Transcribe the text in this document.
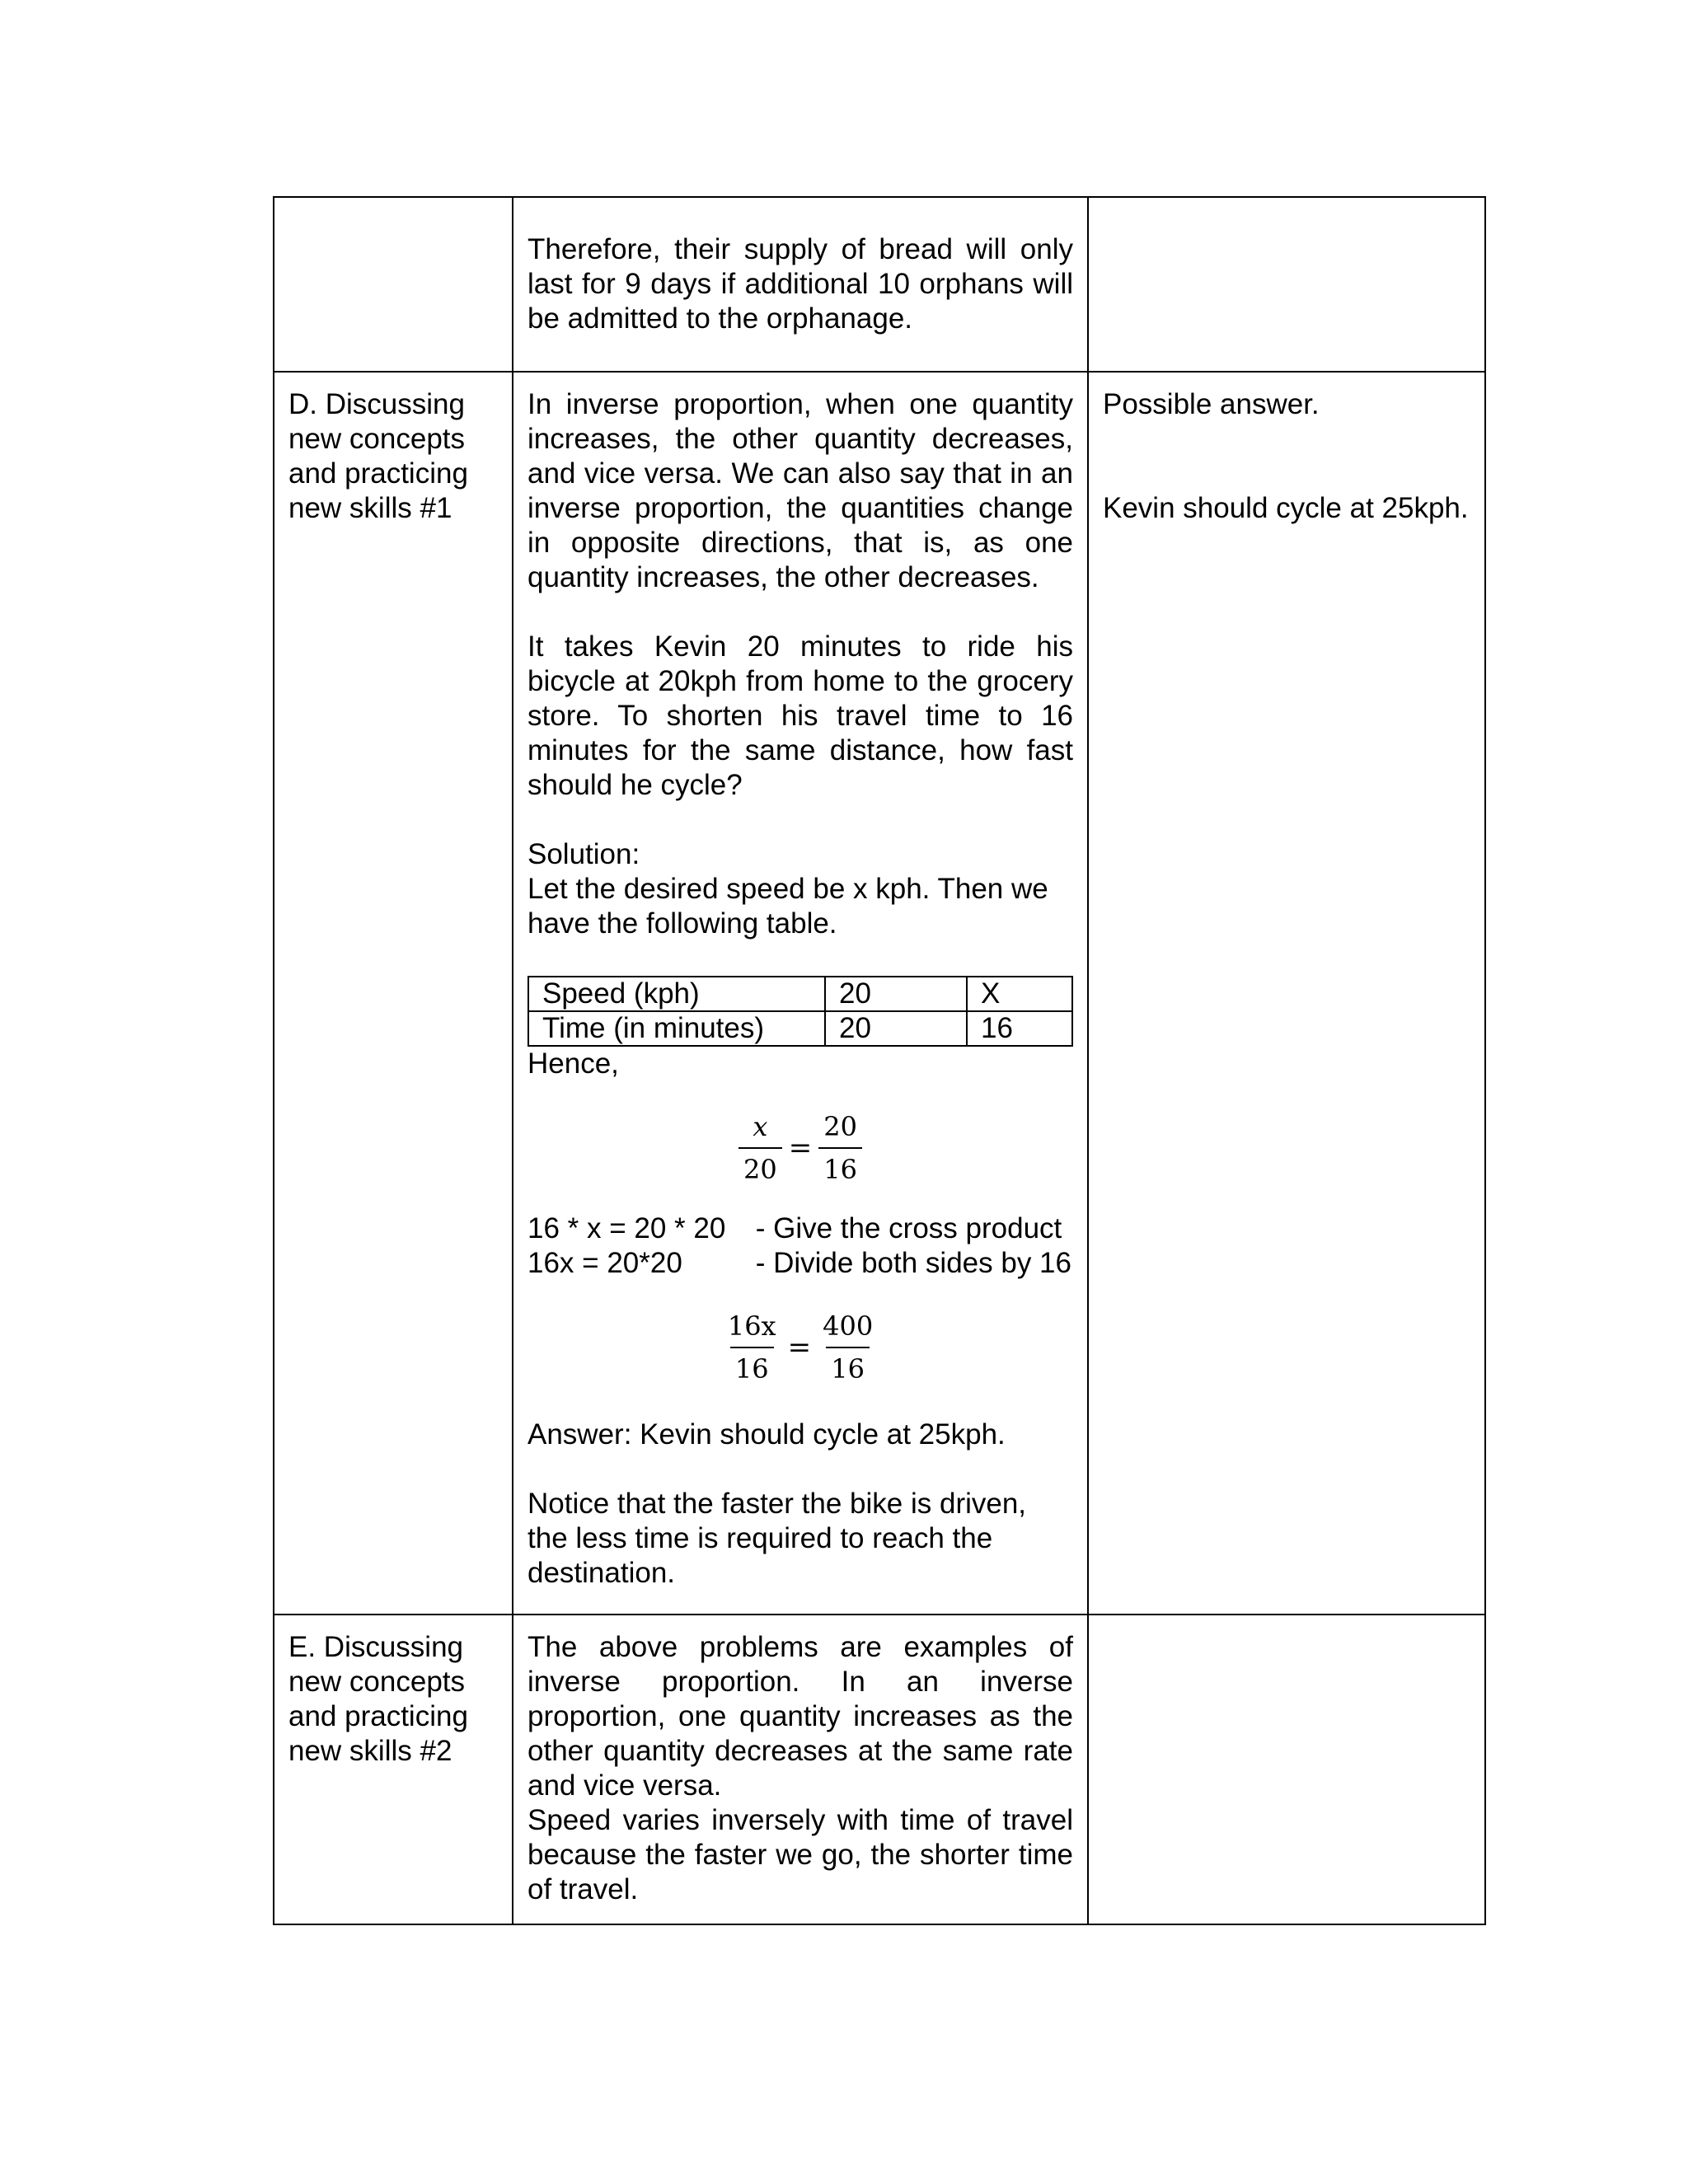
Therefore, their supply of bread will only last for 9 days if additional 10 orphans will be admitted to the orphanage.

D. Discussing new concepts and practicing new skills #1

In inverse proportion, when one quantity increases, the other quantity decreases, and vice versa. We can also say that in an inverse proportion, the quantities change in opposite directions, that is, as one quantity increases, the other decreases.

It takes Kevin 20 minutes to ride his bicycle at 20kph from home to the grocery store. To shorten his travel time to 16 minutes for the same distance, how fast should he cycle?

Solution:

Let the desired speed be x kph. Then we have the following table.

Speed (kph)	20	X
Time (in minutes)	20	16

Hence,

$\frac{x}{20} = \frac{20}{16}$
16 * x = 20 * 20 - Give the cross product
16x = 20*20	- Divide both sides by 16
$\frac{16x}{16} = \frac{400}{16}$

Answer: Kevin should cycle at 25kph.

Notice that the faster the bike is driven, the less time is required to reach the destination.

Possible answer.

Kevin should cycle at 25kph.

E. Discussing new concepts and practicing new skills #2

The above problems are examples of inverse proportion. In an inverse proportion, one quantity increases as the other quantity decreases at the same rate and vice versa.

Speed varies inversely with time of travel because the faster we go, the shorter time of travel.
